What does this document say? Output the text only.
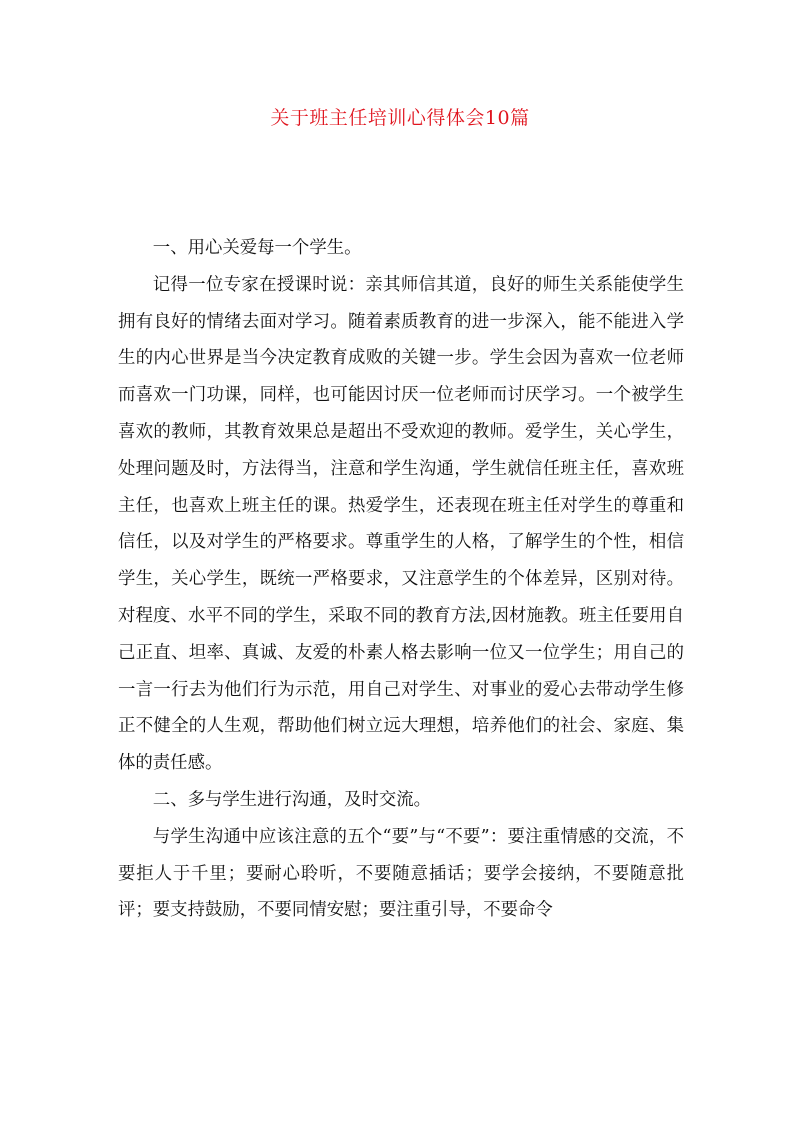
关于班主任培训心得体会10篇

一、用心关爱每一个学生。

记得一位专家在授课时说：亲其师信其道，良好的师生关系能使学生拥有良好的情绪去面对学习。随着素质教育的进一步深入，能不能进入学生的内心世界是当今决定教育成败的关键一步。学生会因为喜欢一位老师而喜欢一门功课，同样，也可能因讨厌一位老师而讨厌学习。一个被学生喜欢的教师，其教育效果总是超出不受欢迎的教师。爱学生，关心学生，处理问题及时，方法得当，注意和学生沟通，学生就信任班主任，喜欢班主任，也喜欢上班主任的课。热爱学生，还表现在班主任对学生的尊重和信任，以及对学生的严格要求。尊重学生的人格，了解学生的个性，相信学生，关心学生，既统一严格要求，又注意学生的个体差异，区别对待。对程度、水平不同的学生，采取不同的教育方法,因材施教。班主任要用自己正直、坦率、真诚、友爱的朴素人格去影响一位又一位学生；用自己的一言一行去为他们行为示范，用自己对学生、对事业的爱心去带动学生修正不健全的人生观，帮助他们树立远大理想，培养他们的社会、家庭、集体的责任感。

二、多与学生进行沟通，及时交流。

与学生沟通中应该注意的五个“要”与“不要”：要注重情感的交流，不要拒人于千里；要耐心聆听，不要随意插话；要学会接纳，不要随意批评；要支持鼓励，不要同情安慰；要注重引导，不要命令
